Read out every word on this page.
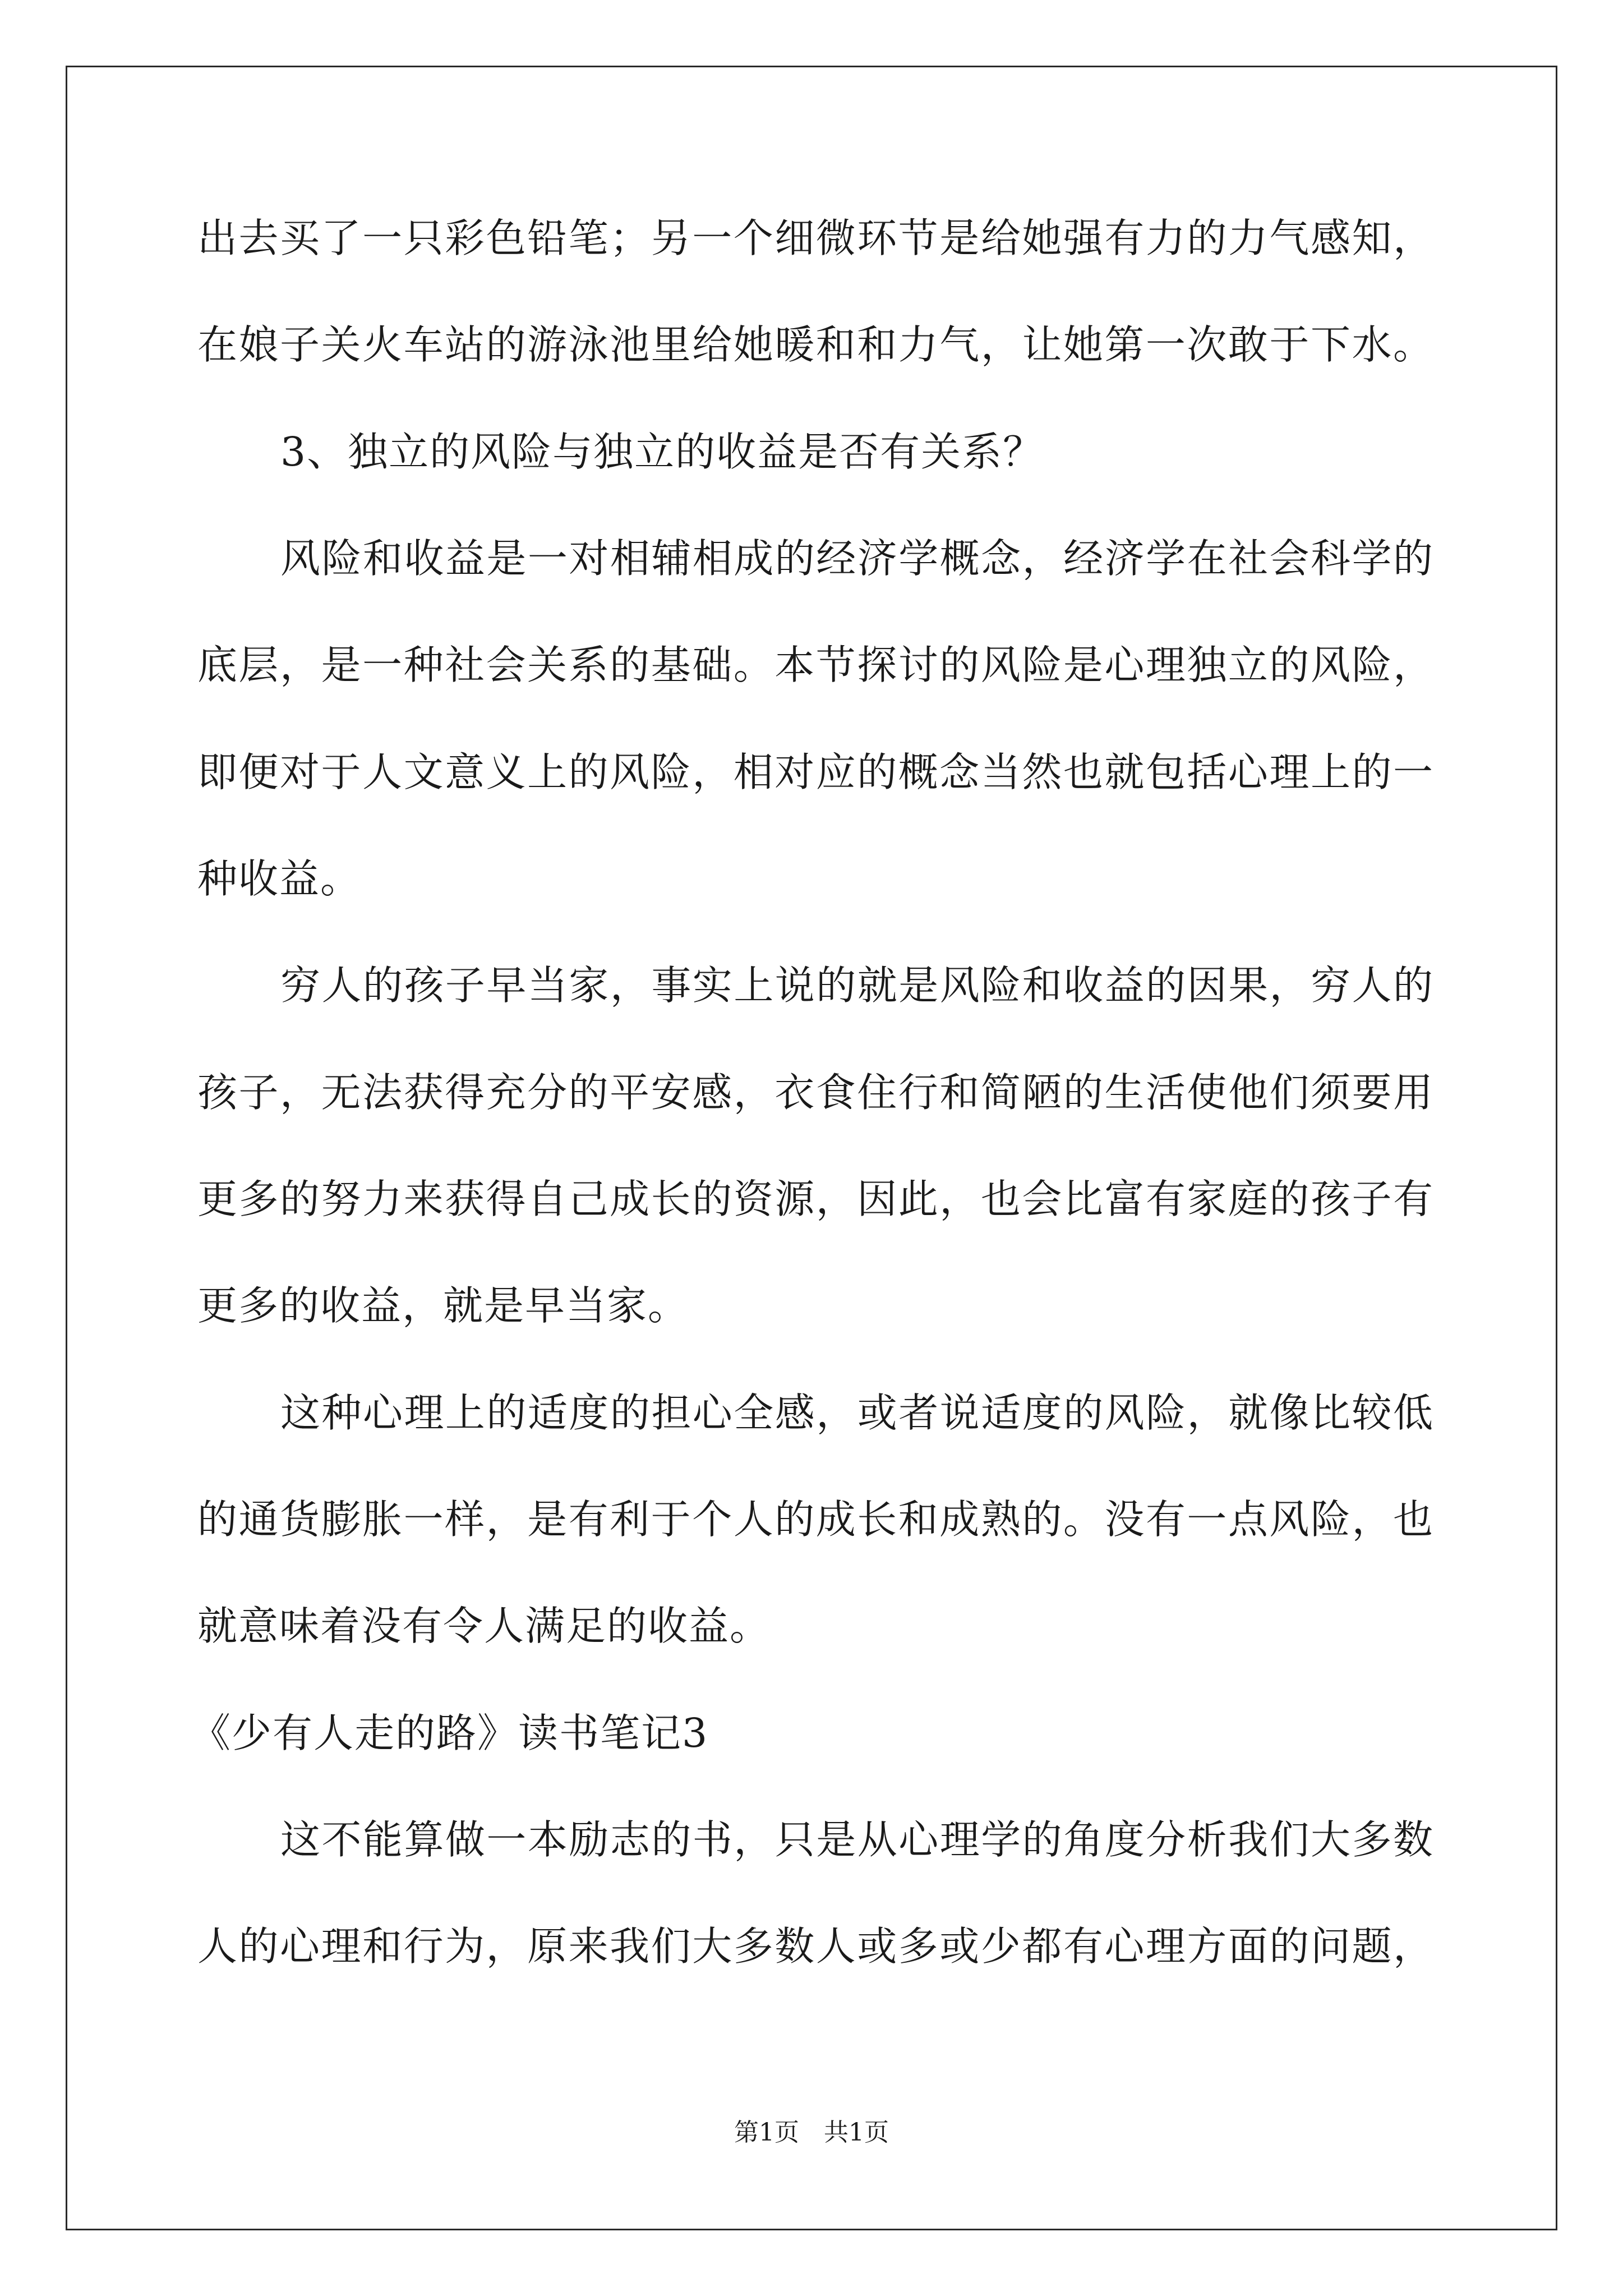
出去买了一只彩色铅笔；另一个细微环节是给她强有力的力气感知，
在娘子关火车站的游泳池里给她暖和和力气，让她第一次敢于下水。
3、独立的风险与独立的收益是否有关系？
风险和收益是一对相辅相成的经济学概念，经济学在社会科学的
底层，是一种社会关系的基础。本节探讨的风险是心理独立的风险，
即便对于人文意义上的风险，相对应的概念当然也就包括心理上的一
种收益。
穷人的孩子早当家，事实上说的就是风险和收益的因果，穷人的
孩子，无法获得充分的平安感，衣食住行和简陋的生活使他们须要用
更多的努力来获得自己成长的资源，因此，也会比富有家庭的孩子有
更多的收益，就是早当家。
这种心理上的适度的担心全感，或者说适度的风险，就像比较低
的通货膨胀一样，是有利于个人的成长和成熟的。没有一点风险，也
就意味着没有令人满足的收益。
《少有人走的路》读书笔记3
这不能算做一本励志的书，只是从心理学的角度分析我们大多数
人的心理和行为，原来我们大多数人或多或少都有心理方面的问题，
第1页　共1页
